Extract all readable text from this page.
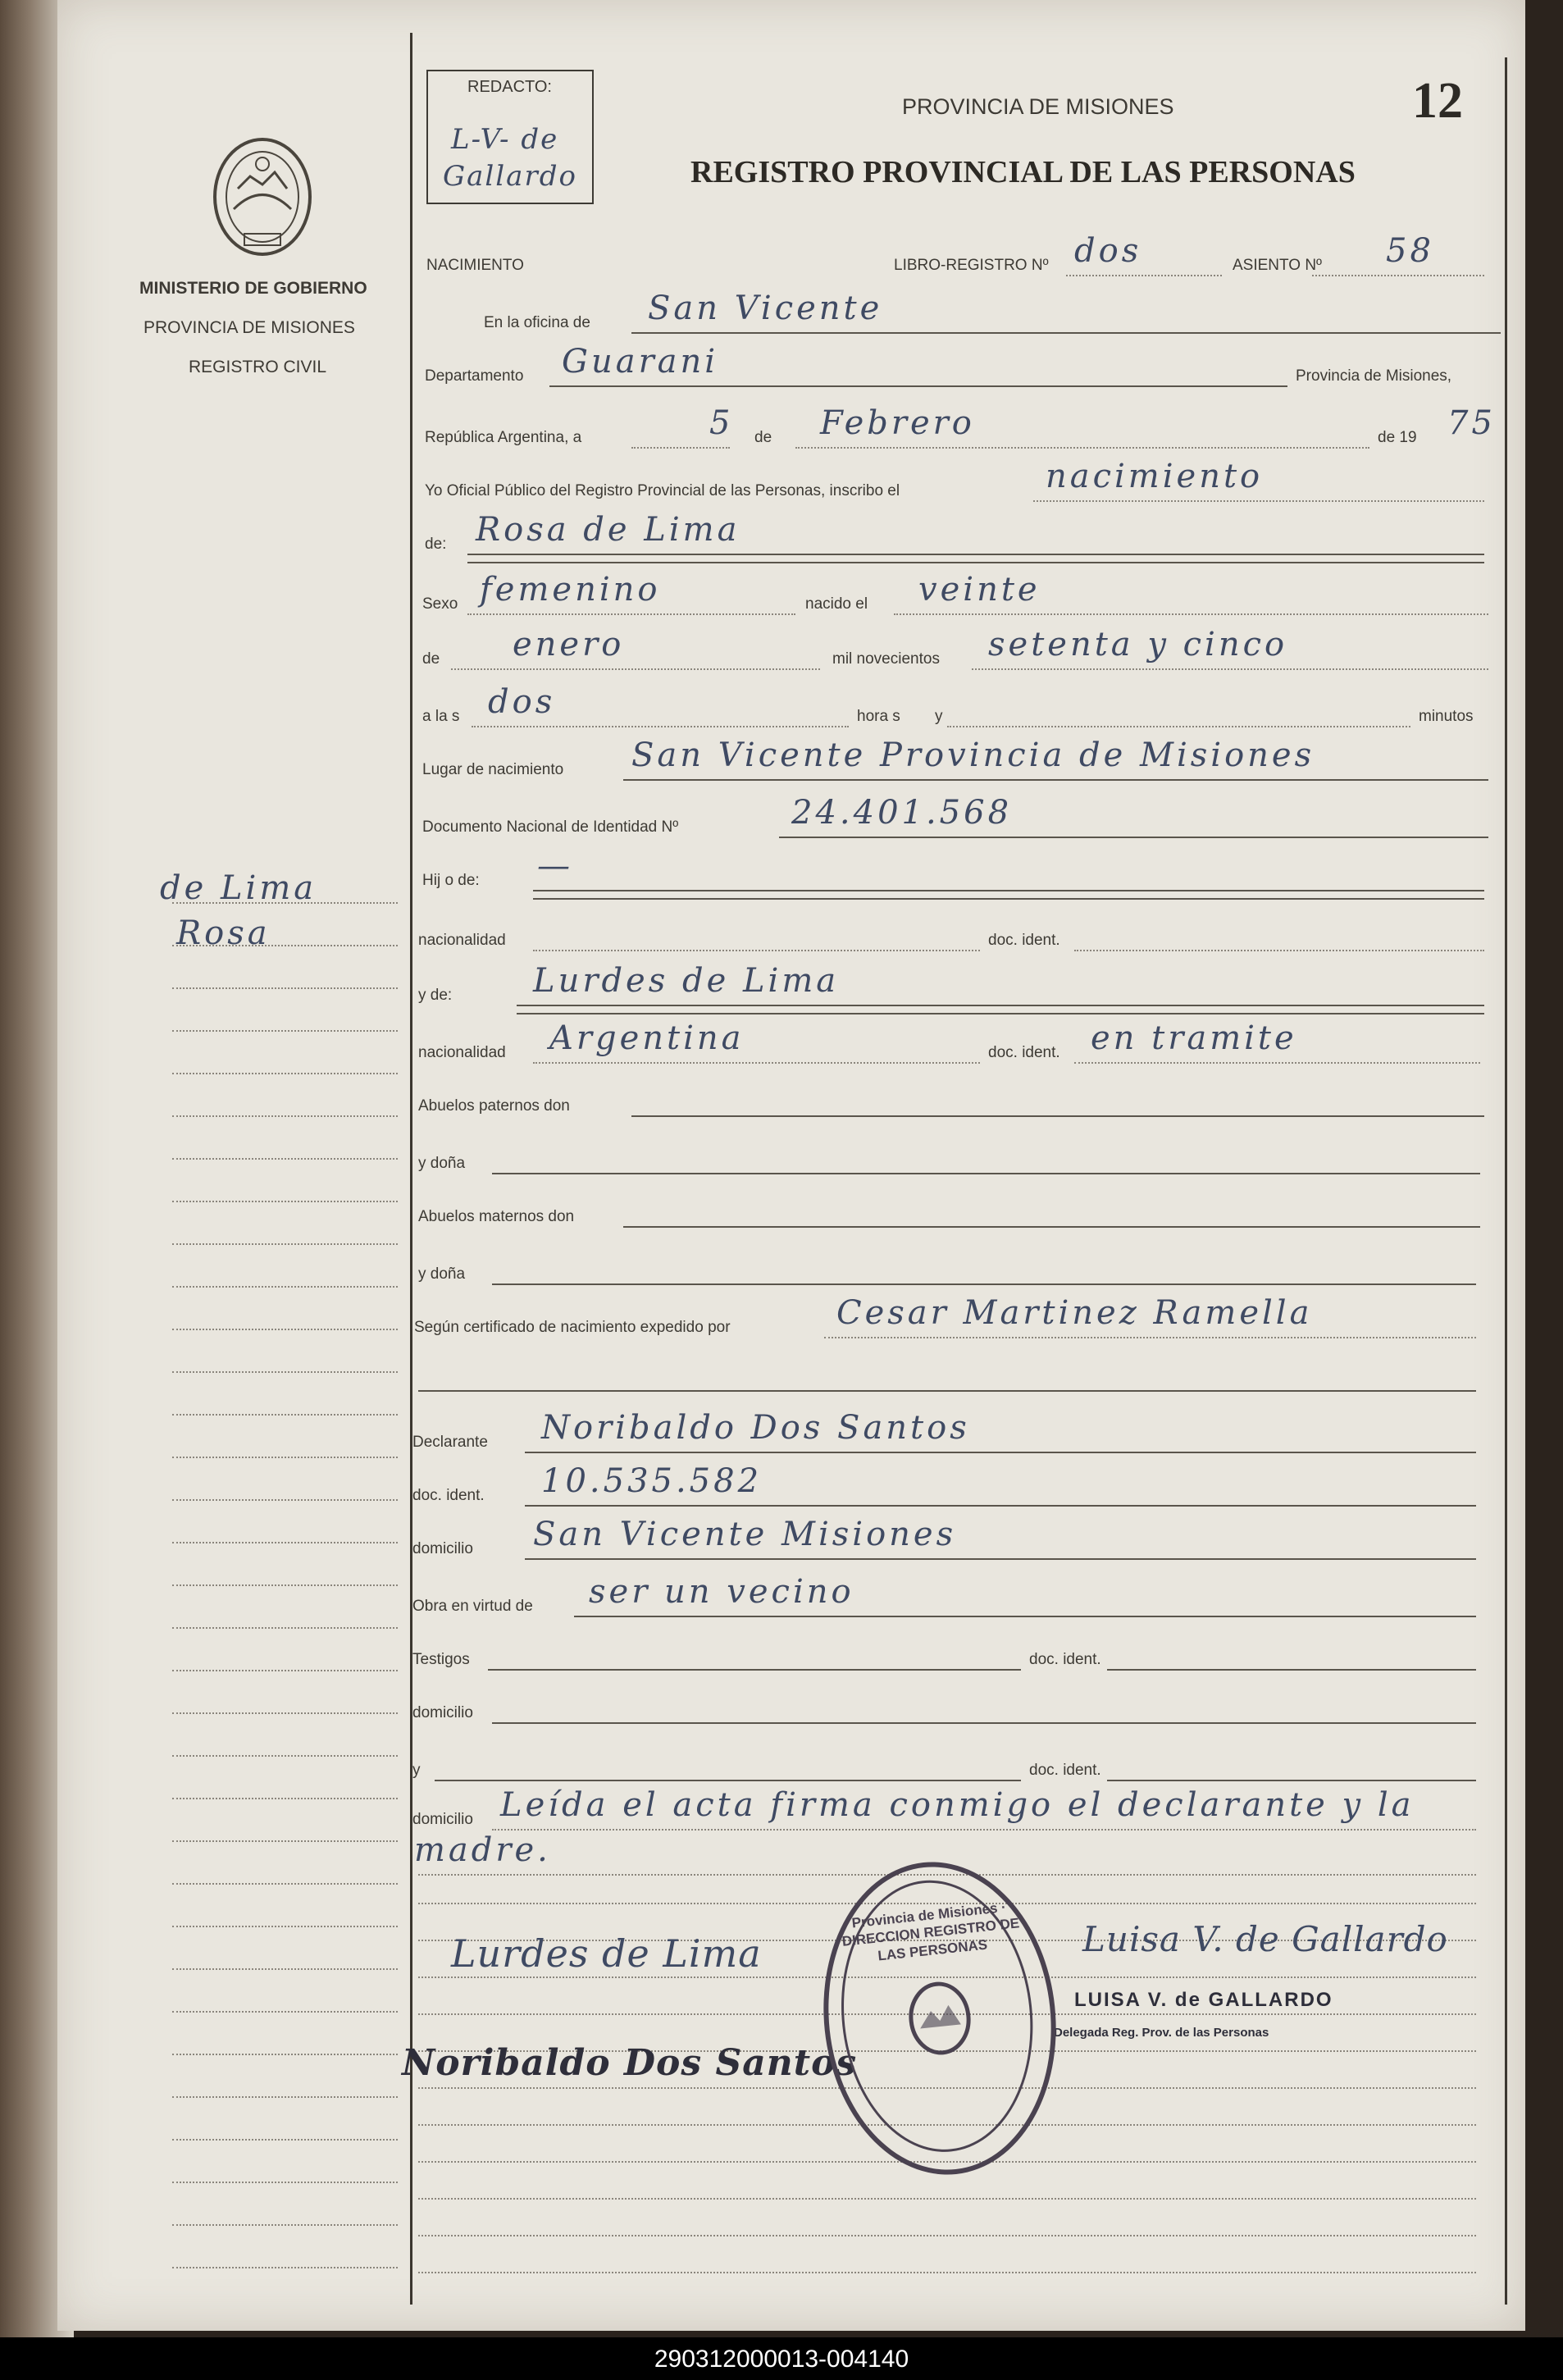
MINISTERIO DE GOBIERNO
PROVINCIA DE MISIONES
REGISTRO CIVIL
de Lima
Rosa
REDACTO:
L-V- de
Gallardo
PROVINCIA DE MISIONES
REGISTRO PROVINCIAL DE LAS PERSONAS
12
NACIMIENTO	LIBRO-REGISTRO Nº dos	ASIENTO Nº 58
En la oficina de San Vicente
Departamento Guarani	Provincia de Misiones,
República Argentina, a	5 de Febrero	de 19 75
Yo Oficial Público del Registro Provincial de las Personas, inscribo el	nacimiento
de: Rosa de Lima
Sexo femenino	nacido el veinte
de enero	mil novecientos setenta y cinco
a la s dos	hora s y	minutos
Lugar de nacimiento San Vicente Provincia de Misiones
Documento Nacional de Identidad Nº	24.401.568
Hij o de: —
nacionalidad	doc. ident.
y de: Lurdes de Lima
nacionalidad Argentina	doc. ident. en tramite
Abuelos paternos don
y doña
Abuelos maternos don
y doña
Según certificado de nacimiento expedido por	Cesar Martinez Ramella
Declarante Noribaldo Dos Santos
doc. ident. 10.535.582
domicilio San Vicente Misiones
Obra en virtud de ser un vecino
Testigos	doc. ident.
domicilio
y	doc. ident.
domicilio Leída el acta firma conmigo el declarante y la
madre.
Lurdes de Lima
Noribaldo Dos Santos
Luisa V. de Gallardo
LUISA V. de GALLARDO
Delegada Reg. Prov. de las Personas
Provincia de Misiones · DIRECCION REGISTRO DE LAS PERSONAS
290312000013-004140
